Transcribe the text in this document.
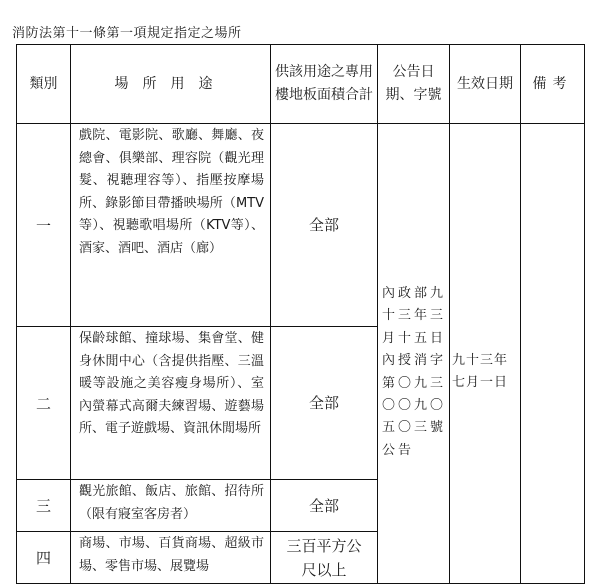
消防法第十一條第一項規定指定之場所
類別	場所用途	供該用途之專用樓地板面積合計	公告日期、字號	生效日期	備考
一	戲院、電影院、歌廳、舞廳、夜總會、俱樂部、理容院（觀光理髮、視聽理容等）、指壓按摩場所、錄影節目帶播映場所（MTV等）、視聽歌唱場所（KTV等）、酒家、酒吧、酒店（廊）	全部	內政部九十三年三月十五日內授消字第〇九三〇〇九〇五〇三號公告	九十三年七月一日	

二	保齡球館、撞球場、集會堂、健身休閒中心（含提供指壓、三溫暖等設施之美容瘦身場所）、室內螢幕式高爾夫練習場、遊藝場所、電子遊戲場、資訊休閒場所	全部			
三	觀光旅館、飯店、旅館、招待所（限有寢室客房者）	全部			
四	商場、市場、百貨商場、超級市場、零售市場、展覽場	三百平方公尺以上			
